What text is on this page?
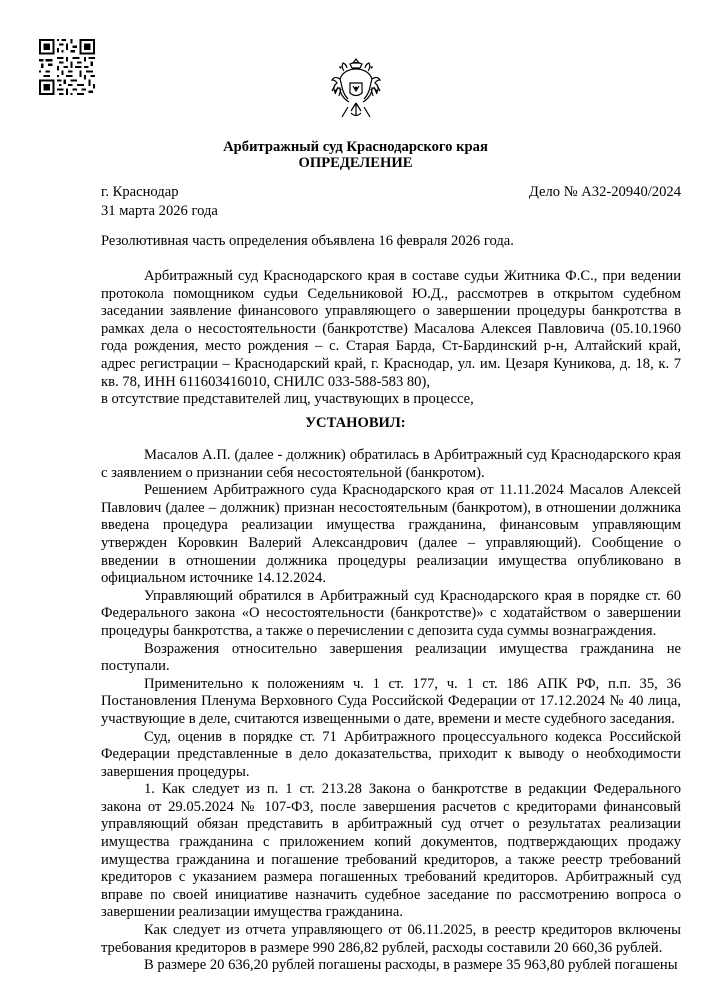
Арбитражный суд Краснодарского края
ОПРЕДЕЛЕНИЕ
г. Краснодар
31 марта 2026 года
Дело № А32-20940/2024
Резолютивная часть определения объявлена 16 февраля 2026 года.

Арбитражный суд Краснодарского края в составе судьи Житника Ф.С., при ведении протокола помощником судьи Седельниковой Ю.Д., рассмотрев в открытом судебном заседании заявление финансового управляющего о завершении процедуры банкротства в рамках дела о несостоятельности (банкротстве) Масалова Алексея Павловича (05.10.1960 года рождения, место рождения – с. Старая Барда, Ст-Бардинский р-н, Алтайский край, адрес регистрации – Краснодарский край, г. Краснодар, ул. им. Цезаря Куникова, д. 18, к. 7 кв. 78, ИНН 611603416010, СНИЛС 033-588-583 80),

в отсутствие представителей лиц, участвующих в процессе,

УСТАНОВИЛ:

Масалов А.П. (далее - должник) обратилась в Арбитражный суд Краснодарского края с заявлением о признании себя несостоятельной (банкротом).

Решением Арбитражного суда Краснодарского края от 11.11.2024 Масалов Алексей Павлович (далее – должник) признан несостоятельным (банкротом), в отношении должника введена процедура реализации имущества гражданина, финансовым управляющим утвержден Коровкин Валерий Александрович (далее – управляющий). Сообщение о введении в отношении должника процедуры реализации имущества опубликовано в официальном источнике 14.12.2024.

Управляющий обратился в Арбитражный суд Краснодарского края в порядке ст. 60 Федерального закона «О несостоятельности (банкротстве)» с ходатайством о завершении процедуры банкротства, а также о перечислении с депозита суда суммы вознаграждения.

Возражения относительно завершения реализации имущества гражданина не поступали.

Применительно к положениям ч. 1 ст. 177, ч. 1 ст. 186 АПК РФ, п.п. 35, 36 Постановления Пленума Верховного Суда Российской Федерации от 17.12.2024 № 40 лица, участвующие в деле, считаются извещенными о дате, времени и месте судебного заседания.

Суд, оценив в порядке ст. 71 Арбитражного процессуального кодекса Российской Федерации представленные в дело доказательства, приходит к выводу о необходимости завершения процедуры.

1. Как следует из п. 1 ст. 213.28 Закона о банкротстве в редакции Федерального закона от 29.05.2024 № 107-ФЗ, после завершения расчетов с кредиторами финансовый управляющий обязан представить в арбитражный суд отчет о результатах реализации имущества гражданина с приложением копий документов, подтверждающих продажу имущества гражданина и погашение требований кредиторов, а также реестр требований кредиторов с указанием размера погашенных требований кредиторов. Арбитражный суд вправе по своей инициативе назначить судебное заседание по рассмотрению вопроса о завершении реализации имущества гражданина.

Как следует из отчета управляющего от 06.11.2025, в реестр кредиторов включены требования кредиторов в размере 990 286,82 рублей, расходы составили 20 660,36 рублей.

В размере 20 636,20 рублей погашены расходы, в размере 35 963,80 рублей погашены
